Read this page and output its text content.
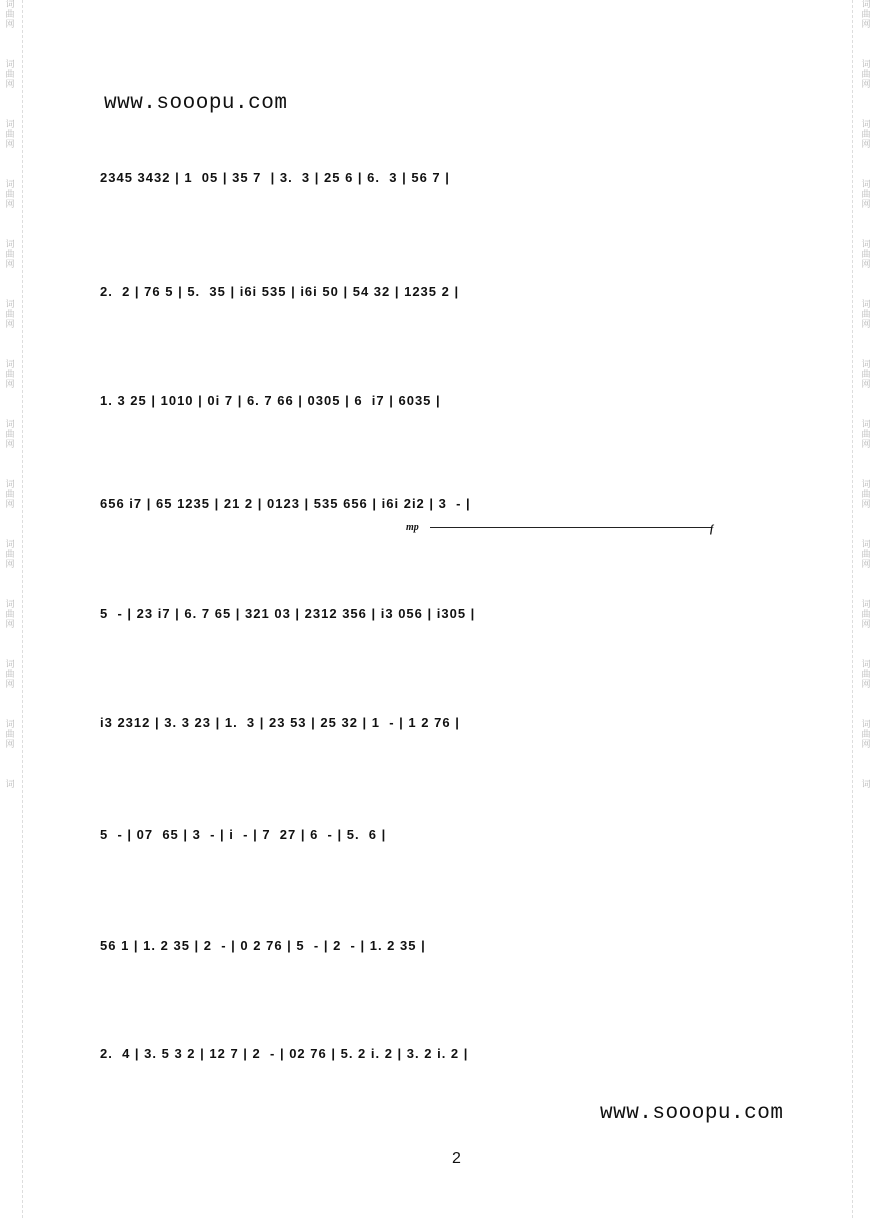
词
曲
网
词
曲
网
词
曲
网
词
曲
网
词
曲
网
词
曲
网
词
曲
网
词
曲
网
词
曲
网
词
曲
网
词
曲
网
词
曲
网
词
曲
网
词
词
曲
网
词
曲
网
词
曲
网
词
曲
网
词
曲
网
词
曲
网
词
曲
网
词
曲
网
词
曲
网
词
曲
网
词
曲
网
词
曲
网
词
曲
网
词
www.sooopu.com
2345 3432 | 1  05 | 35 7  | 3.  3 | 25 6 | 6.  3 | 56 7 |
2.  2 | 76 5 | 5.  35 | i6i 535 | i6i 50 | 54 32 | 1235 2 |
1. 3 25 | 1010 | 0i 7 | 6. 7 66 | 0305 | 6  i7 | 6035 |
656 i7 | 65 1235 | 21 2 | 0123 | 535 656 | i6i 2i2 | 3  - |
mp	f
5  - | 23 i7 | 6. 7 65 | 321 03 | 2312 356 | i3 056 | i305 |
i3 2312 | 3. 3 23 | 1.  3 | 23 53 | 25 32 | 1  - | 1 2 76 |
5  - | 07  65 | 3  - | i  - | 7  27 | 6  - | 5.  6 |
56 1 | 1. 2 35 | 2  - | 0 2 76 | 5  - | 2  - | 1. 2 35 |
2.  4 | 3. 5 3 2 | 12 7 | 2  - | 02 76 | 5. 2 i. 2 | 3. 2 i. 2 |
www.sooopu.com
2
